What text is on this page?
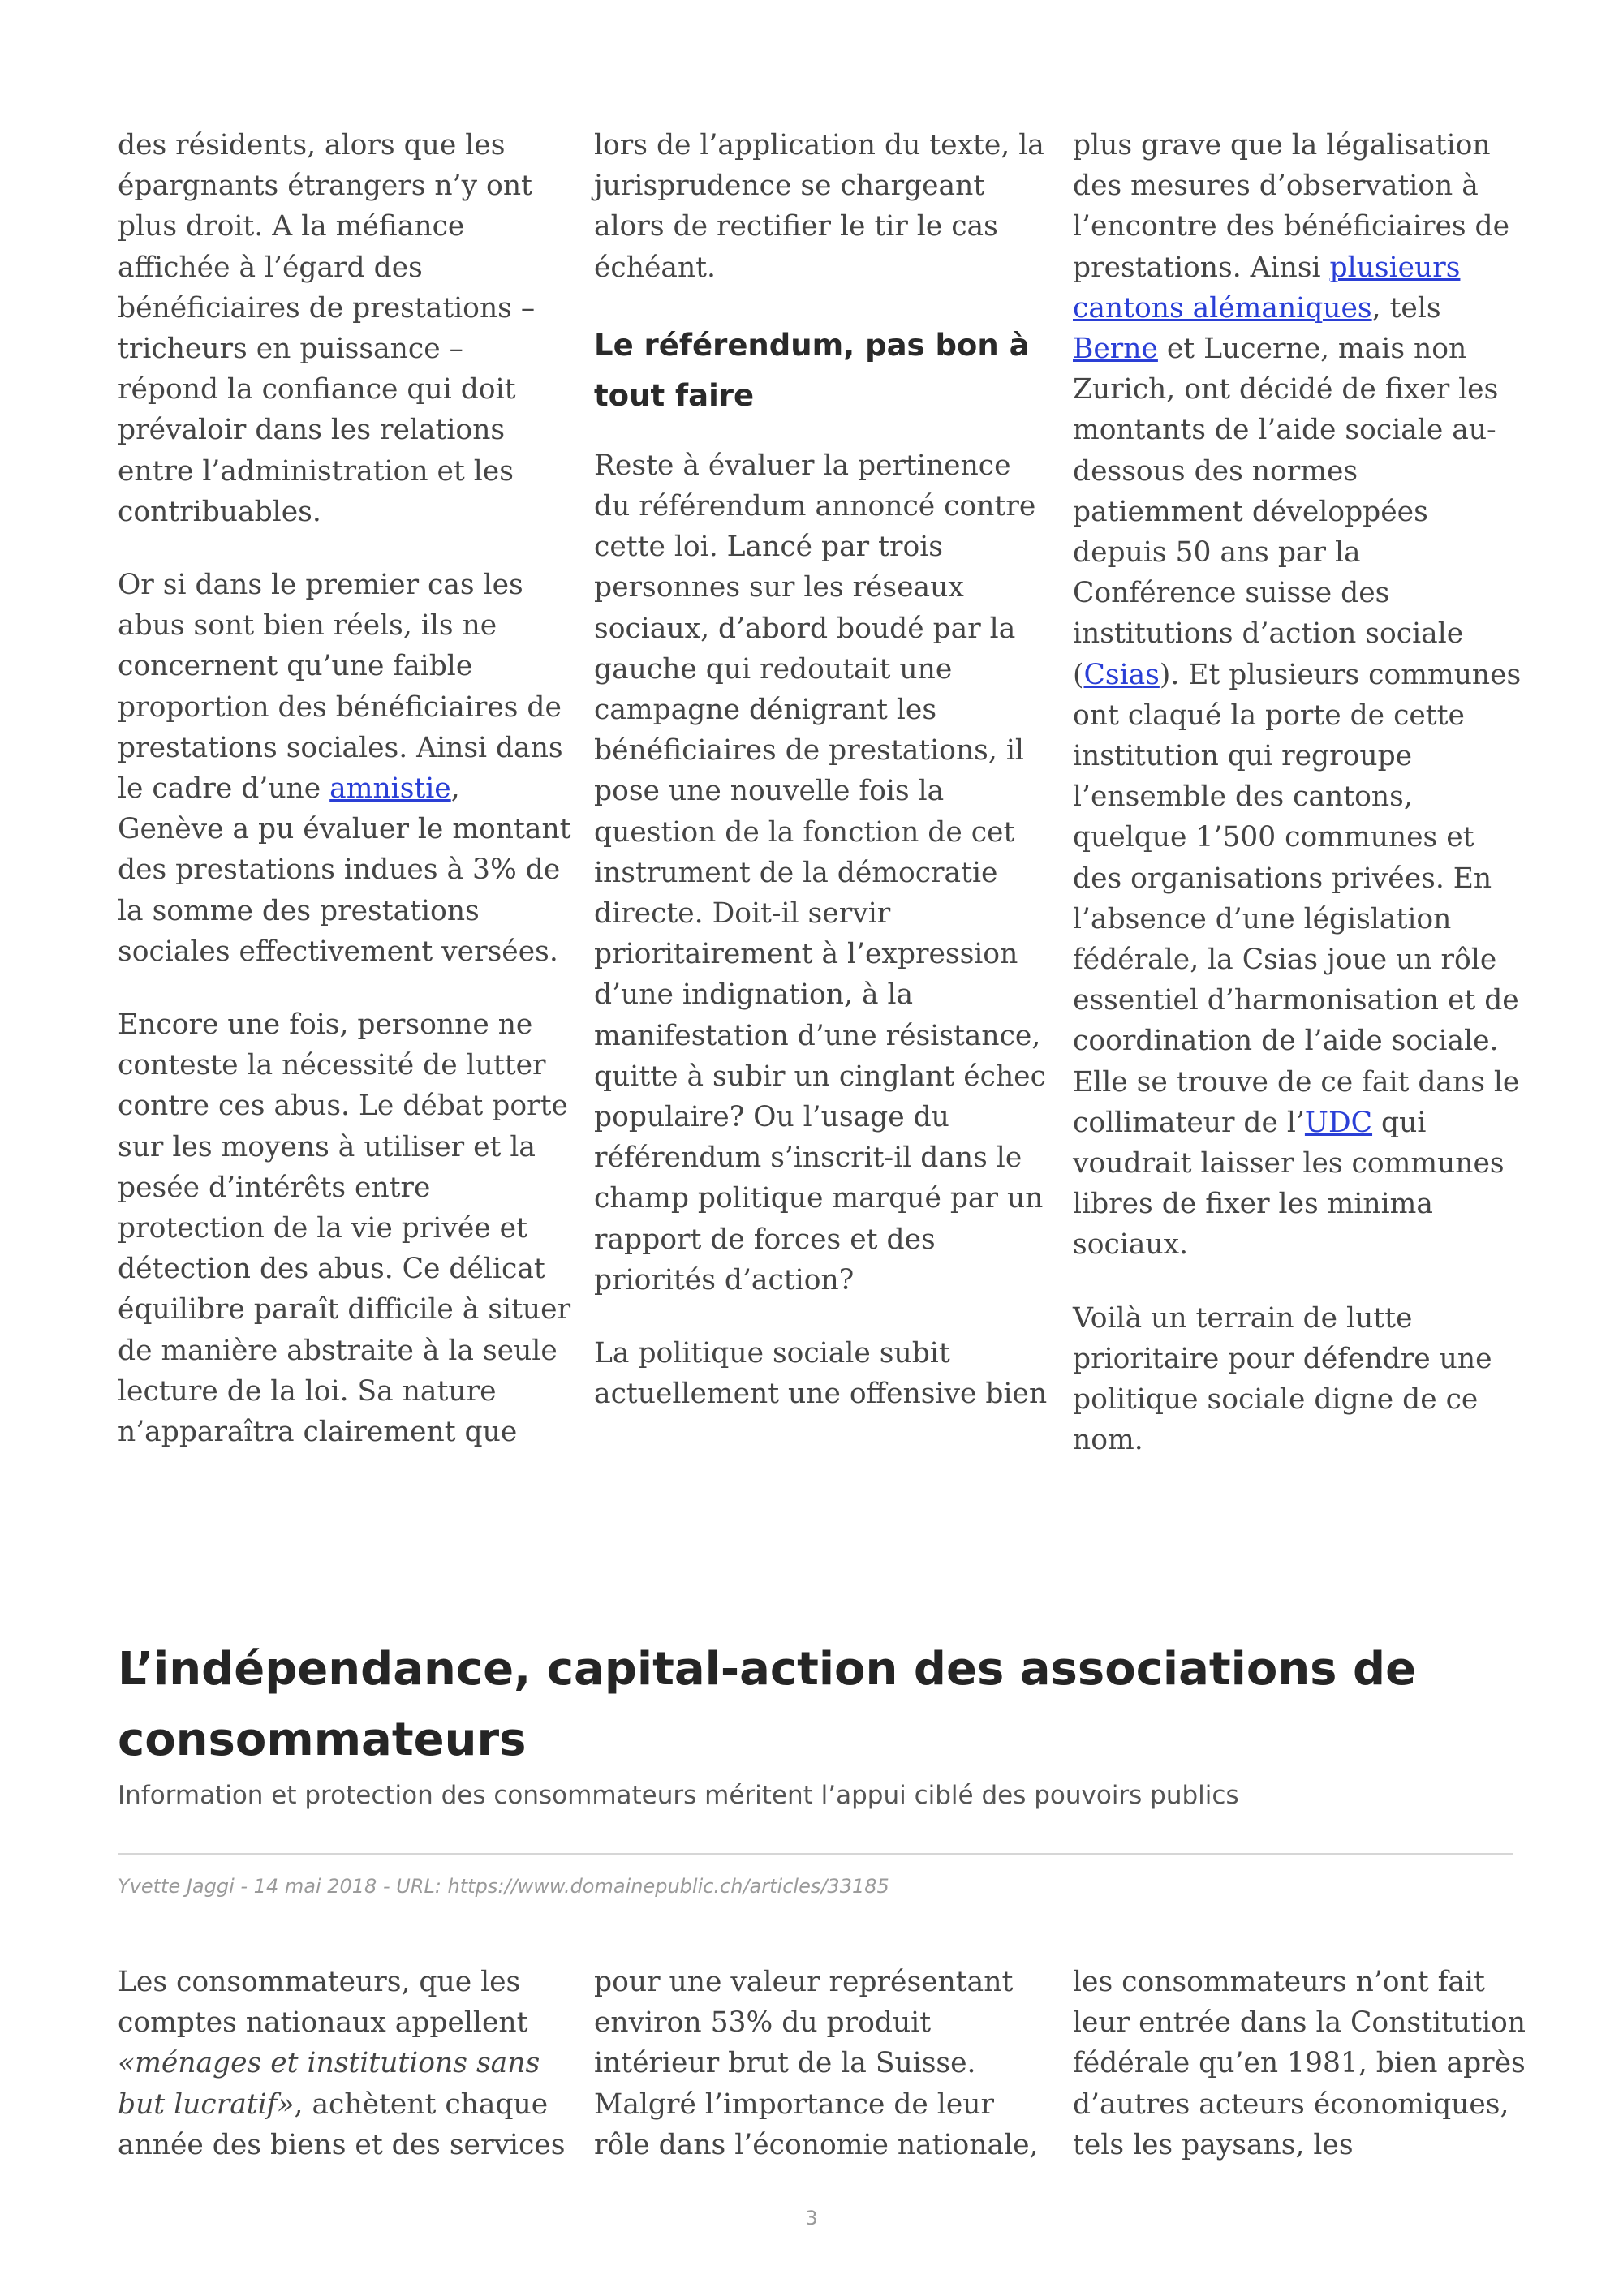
des résidents, alors que les épargnants étrangers n’y ont plus droit. A la méfiance affichée à l’égard des bénéficiaires de prestations – tricheurs en puissance – répond la confiance qui doit prévaloir dans les relations entre l’administration et les contribuables.

Or si dans le premier cas les abus sont bien réels, ils ne concernent qu’une faible proportion des bénéficiaires de prestations sociales. Ainsi dans le cadre d’une amnistie, Genève a pu évaluer le montant des prestations indues à 3% de la somme des prestations sociales effectivement versées.

Encore une fois, personne ne conteste la nécessité de lutter contre ces abus. Le débat porte sur les moyens à utiliser et la pesée d’intérêts entre protection de la vie privée et détection des abus. Ce délicat équilibre paraît difficile à situer de manière abstraite à la seule lecture de la loi. Sa nature n’apparaîtra clairement que

lors de l’application du texte, la jurisprudence se chargeant alors de rectifier le tir le cas échéant.

Le référendum, pas bon à tout faire

Reste à évaluer la pertinence du référendum annoncé contre cette loi. Lancé par trois personnes sur les réseaux sociaux, d’abord boudé par la gauche qui redoutait une campagne dénigrant les bénéficiaires de prestations, il pose une nouvelle fois la question de la fonction de cet instrument de la démocratie directe. Doit-il servir prioritairement à l’expression d’une indignation, à la manifestation d’une résistance, quitte à subir un cinglant échec populaire? Ou l’usage du référendum s’inscrit-il dans le champ politique marqué par un rapport de forces et des priorités d’action?

La politique sociale subit actuellement une offensive bien

plus grave que la légalisation des mesures d’observation à l’encontre des bénéficiaires de prestations. Ainsi plusieurs cantons alémaniques, tels Berne et Lucerne, mais non Zurich, ont décidé de fixer les montants de l’aide sociale au-dessous des normes patiemment développées depuis 50 ans par la Conférence suisse des institutions d’action sociale (Csias). Et plusieurs communes ont claqué la porte de cette institution qui regroupe l’ensemble des cantons, quelque 1’500 communes et des organisations privées. En l’absence d’une législation fédérale, la Csias joue un rôle essentiel d’harmonisation et de coordination de l’aide sociale. Elle se trouve de ce fait dans le collimateur de l’UDC qui voudrait laisser les communes libres de fixer les minima sociaux.

Voilà un terrain de lutte prioritaire pour défendre une politique sociale digne de ce nom.

L’indépendance, capital-action des associations de consommateurs

Information et protection des consommateurs méritent l’appui ciblé des pouvoirs publics

Yvette Jaggi - 14 mai 2018 - URL: https://www.domainepublic.ch/articles/33185

Les consommateurs, que les comptes nationaux appellent «ménages et institutions sans but lucratif», achètent chaque année des biens et des services

pour une valeur représentant environ 53% du produit intérieur brut de la Suisse. Malgré l’importance de leur rôle dans l’économie nationale,

les consommateurs n’ont fait leur entrée dans la Constitution fédérale qu’en 1981, bien après d’autres acteurs économiques, tels les paysans, les

3
